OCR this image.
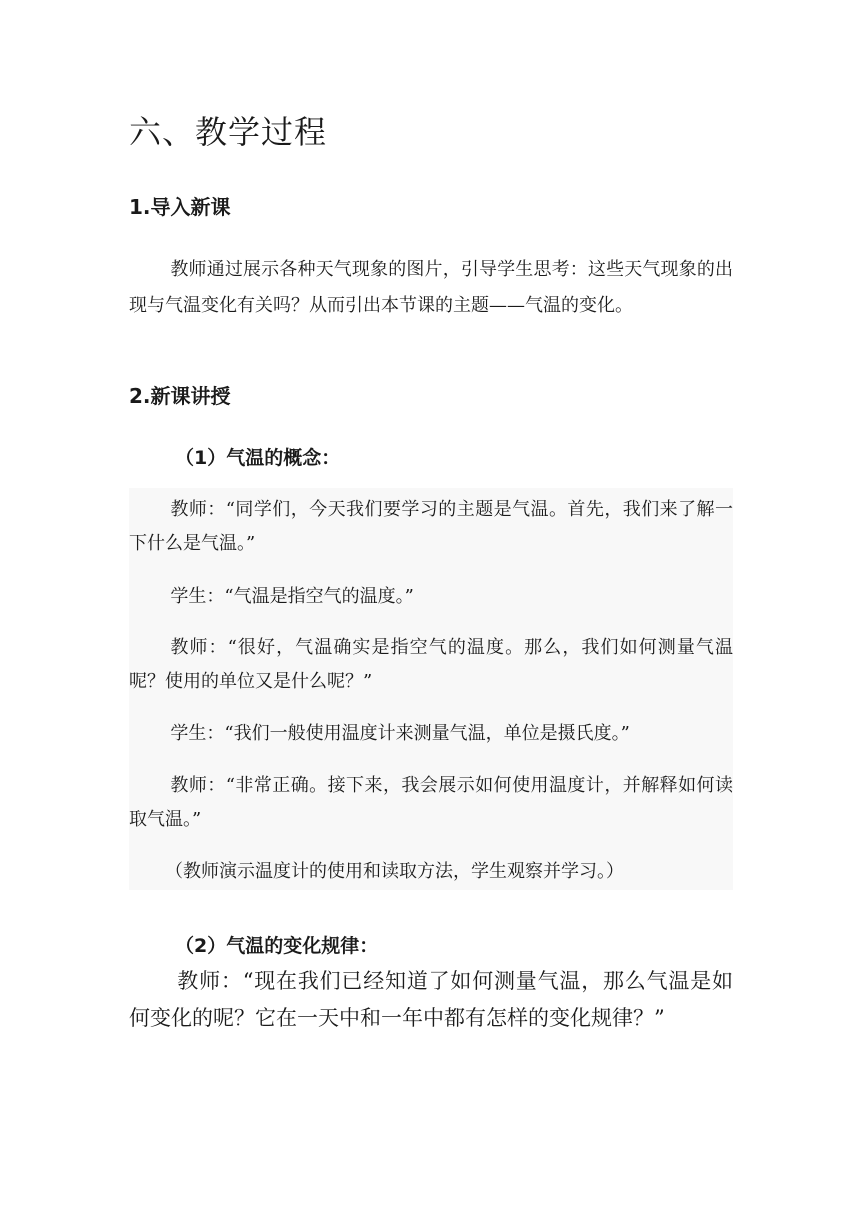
六、教学过程
1.导入新课

教师通过展示各种天气现象的图片，引导学生思考：这些天气现象的出现与气温变化有关吗？从而引出本节课的主题——气温的变化。

2.新课讲授
（1）气温的概念：

教师：“同学们，今天我们要学习的主题是气温。首先，我们来了解一下什么是气温。”

学生：“气温是指空气的温度。”

教师：“很好，气温确实是指空气的温度。那么，我们如何测量气温呢？使用的单位又是什么呢？”

学生：“我们一般使用温度计来测量气温，单位是摄氏度。”

教师：“非常正确。接下来，我会展示如何使用温度计，并解释如何读取气温。”

（教师演示温度计的使用和读取方法，学生观察并学习。）

（2）气温的变化规律：

教师：“现在我们已经知道了如何测量气温，那么气温是如何变化的呢？它在一天中和一年中都有怎样的变化规律？”
